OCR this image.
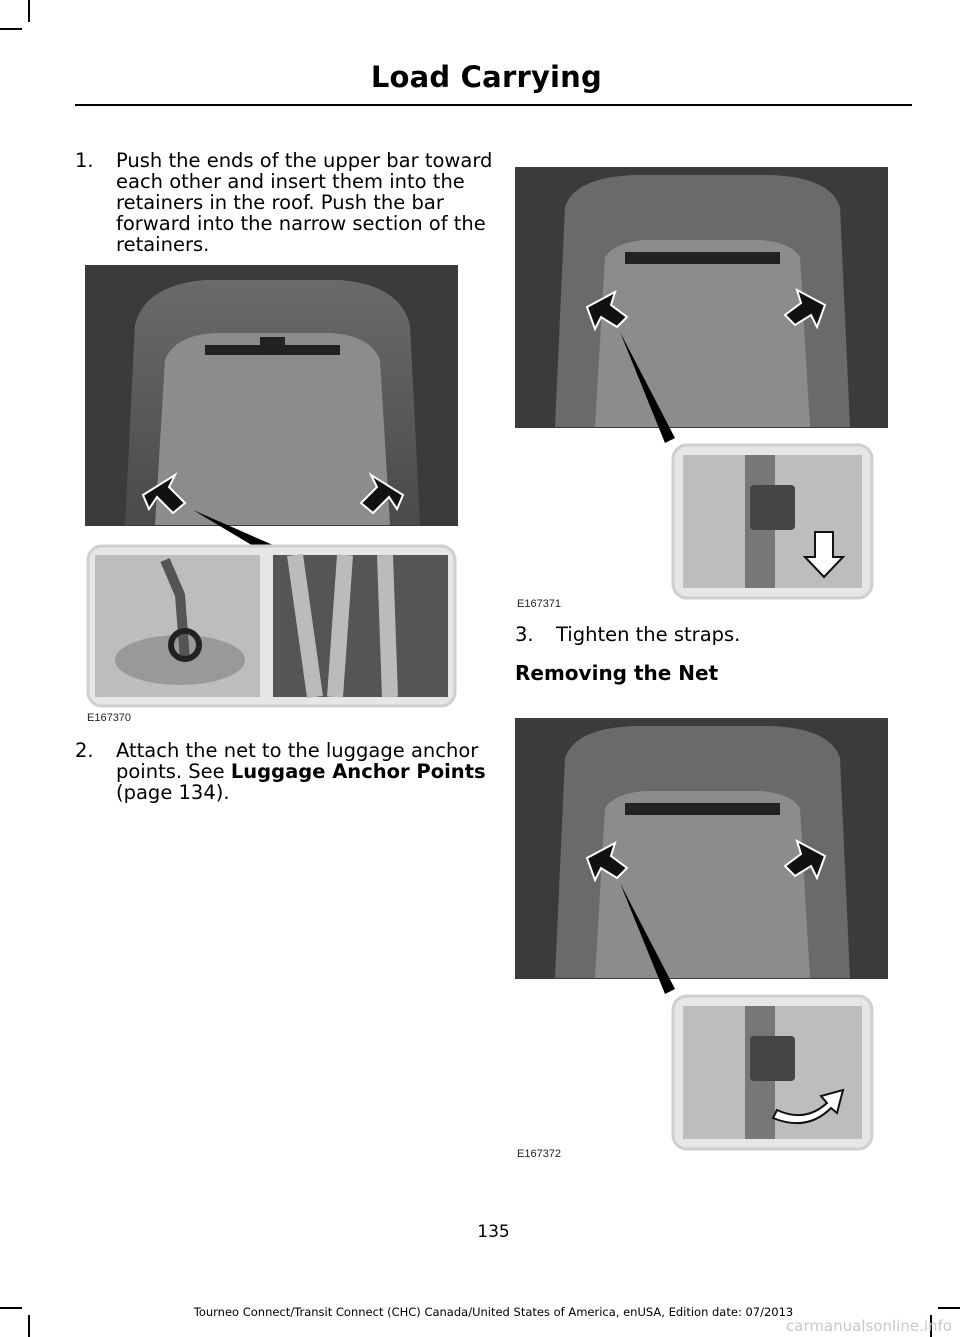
Load Carrying
1. Push the ends of the upper bar toward
each other and insert them into the
retainers in the roof. Push the bar
forward into the narrow section of the
retainers.
E167370
2. Attach the net to the luggage anchor
points. See Luggage Anchor Points
(page 134).
E167371
3. Tighten the straps.
Removing the Net
E167372
135
Tourneo Connect/Transit Connect (CHC) Canada/United States of America, enUSA, Edition date: 07/2013
carmanualsonline.info
